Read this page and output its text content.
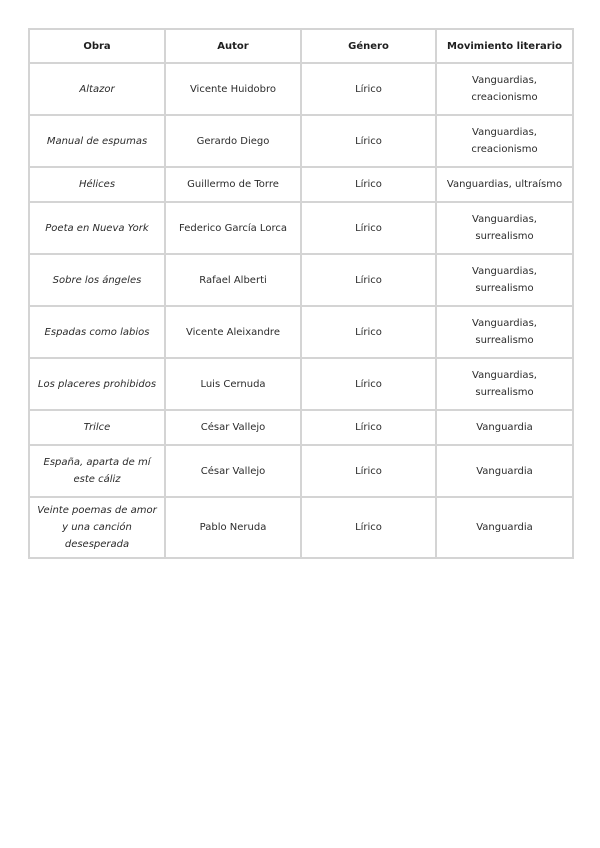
Obra	Autor	Género	Movimiento literario
Altazor	Vicente Huidobro	Lírico	Vanguardias, creacionismo
Manual de espumas	Gerardo Diego	Lírico	Vanguardias, creacionismo
Hélices	Guillermo de Torre	Lírico	Vanguardias, ultraísmo
Poeta en Nueva York	Federico García Lorca	Lírico	Vanguardias, surrealismo
Sobre los ángeles	Rafael Alberti	Lírico	Vanguardias, surrealismo
Espadas como labios	Vicente Aleixandre	Lírico	Vanguardias, surrealismo
Los placeres prohibidos	Luis Cernuda	Lírico	Vanguardias, surrealismo
Trilce	César Vallejo	Lírico	Vanguardia
España, aparta de mí este cáliz	César Vallejo	Lírico	Vanguardia
Veinte poemas de amor y una canción desesperada	Pablo Neruda	Lírico	Vanguardia
